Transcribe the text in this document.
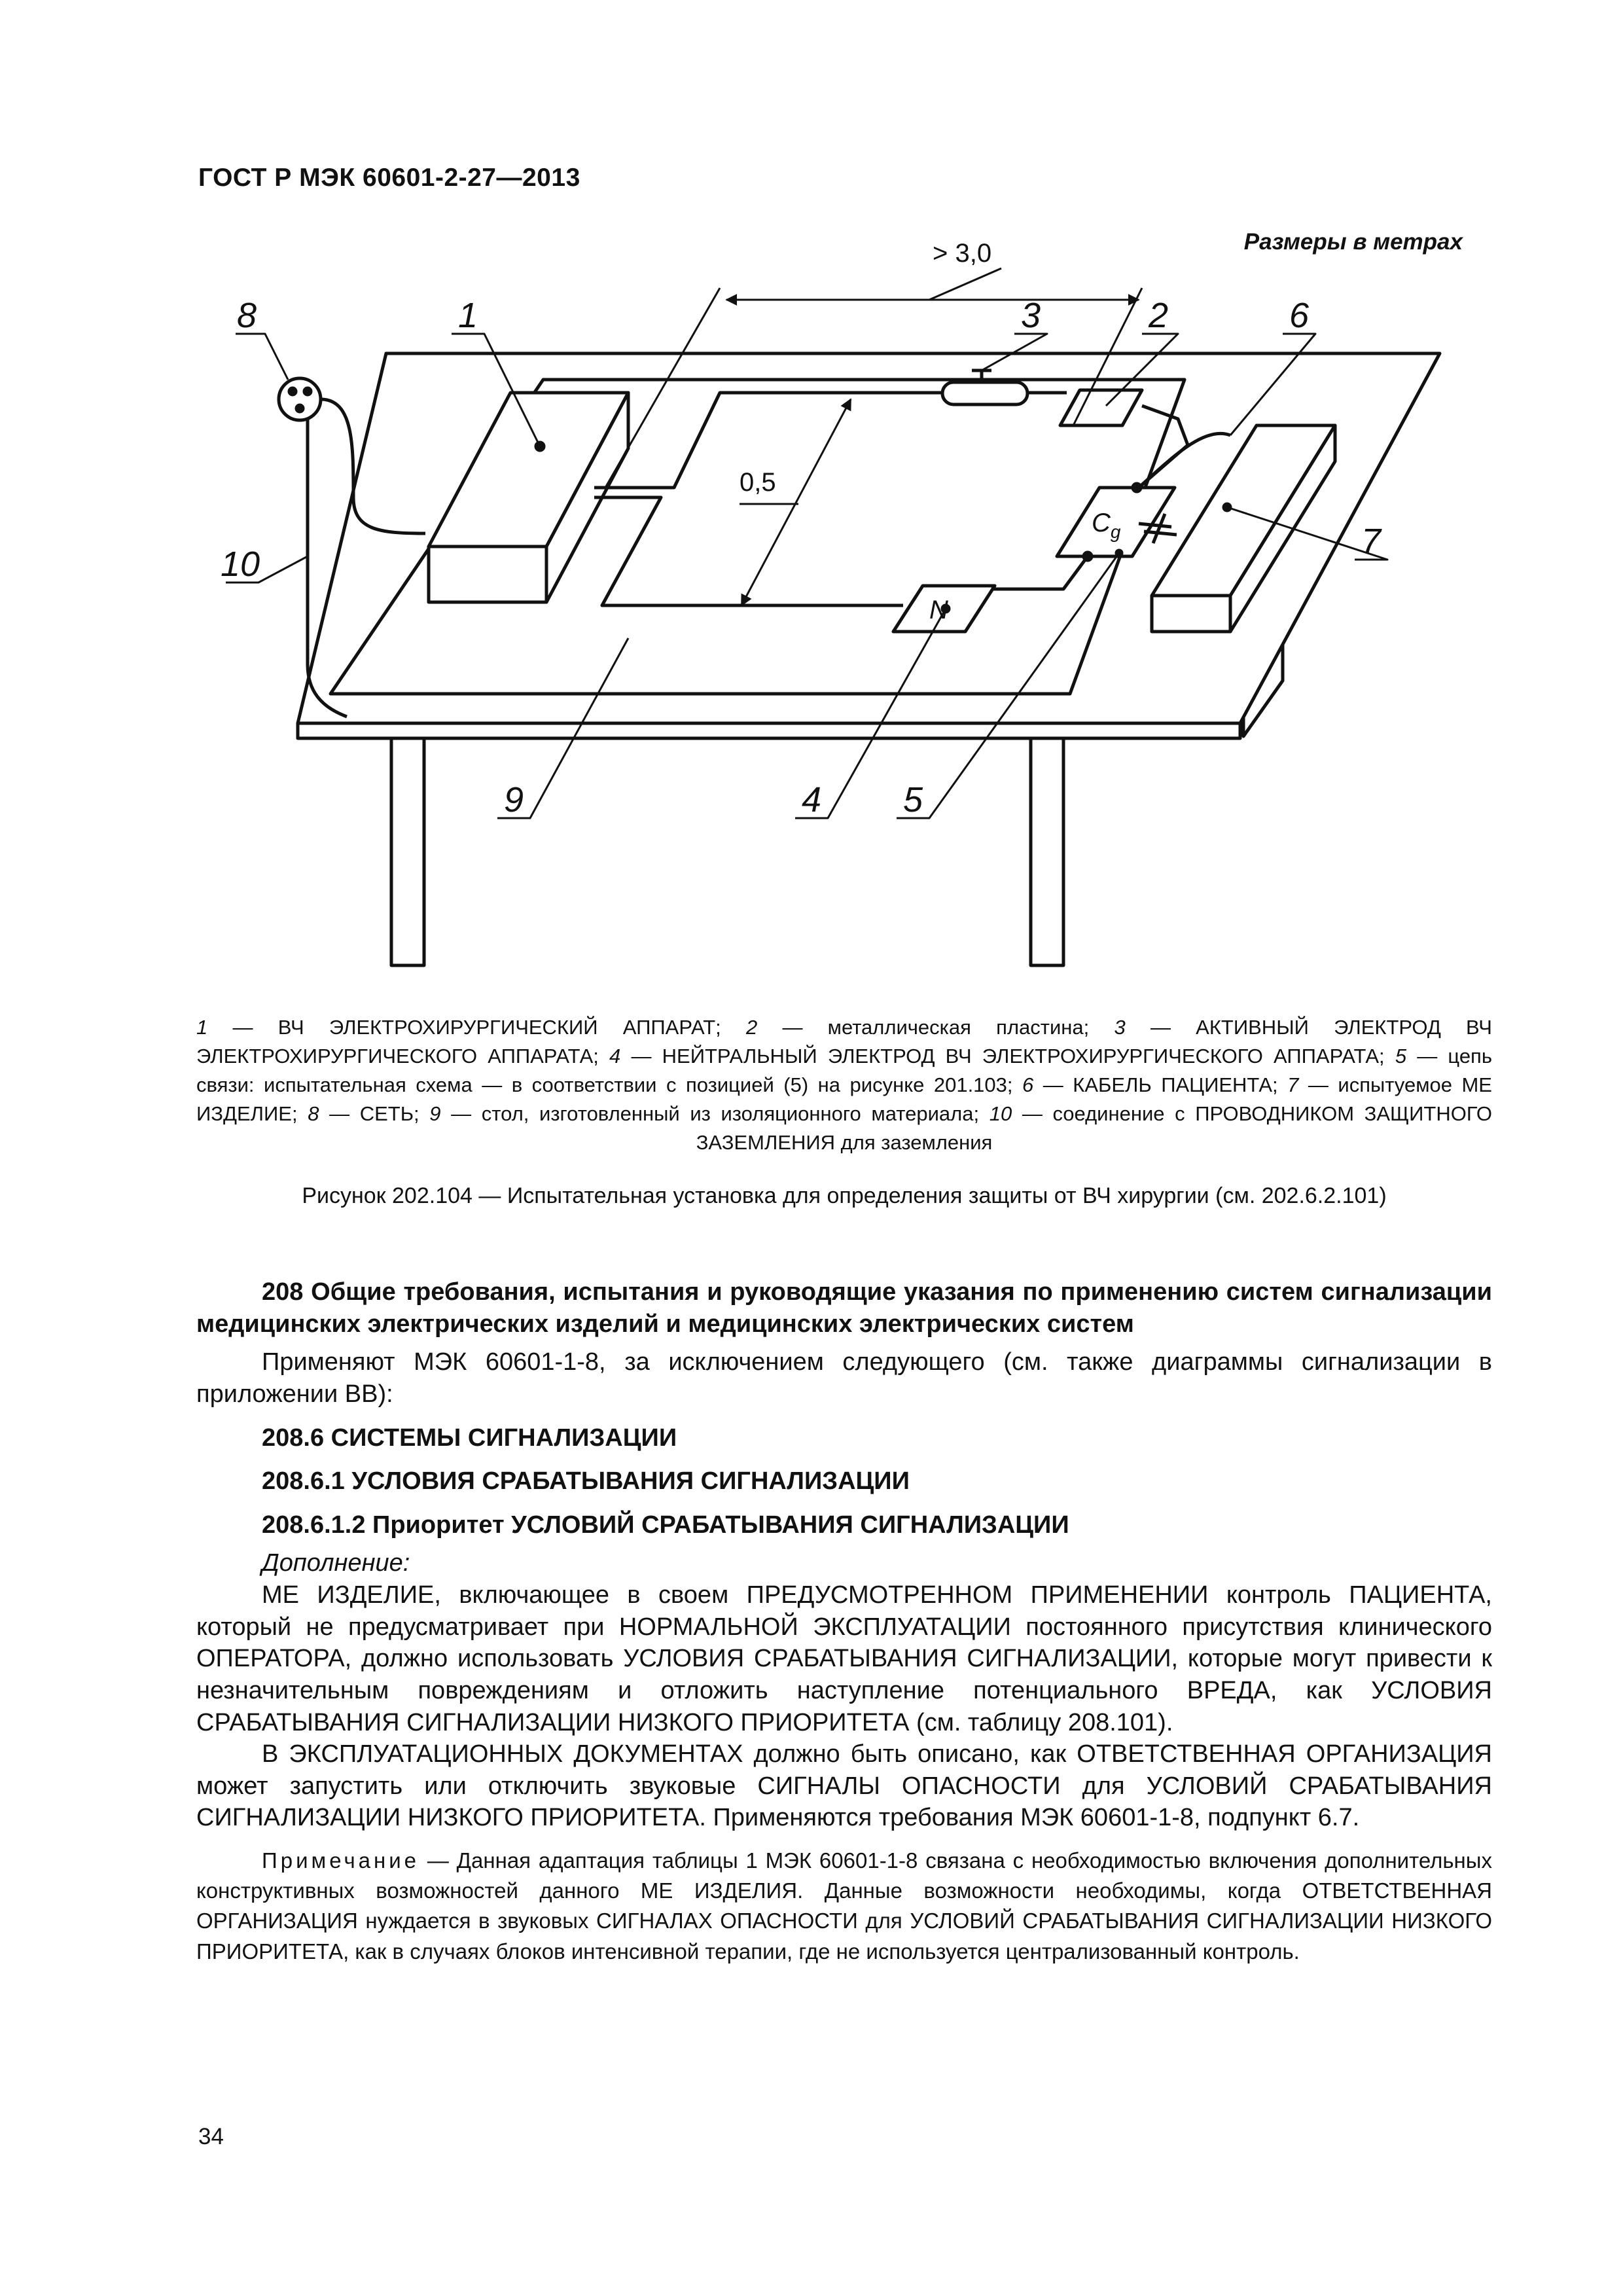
ГОСТ Р МЭК 60601-2-27—2013
Размеры в метрах
> 3,0
0,5
$C_g$
N
8	1	3	2	6
7
10
9	4 5
1 — ВЧ ЭЛЕКТРОХИРУРГИЧЕСКИЙ АППАРАТ; 2 — металлическая пластина; 3 — АКТИВНЫЙ ЭЛЕКТРОД ВЧ ЭЛЕКТРОХИРУРГИЧЕСКОГО АППАРАТА; 4 — НЕЙТРАЛЬНЫЙ ЭЛЕКТРОД ВЧ ЭЛЕКТРОХИРУРГИЧЕСКОГО АППАРАТА; 5 — цепь связи: испытательная схема — в соответствии с позицией (5) на рисунке 201.103; 6 — КАБЕЛЬ ПАЦИЕНТА; 7 — испытуемое МЕ ИЗДЕЛИЕ; 8 — СЕТЬ; 9 — стол, изготовленный из изоляционного материала; 10 — соединение с ПРОВОДНИКОМ ЗАЩИТНОГО ЗАЗЕМЛЕНИЯ для заземления
Рисунок 202.104 — Испытательная установка для определения защиты от ВЧ хирургии (см. 202.6.2.101)

208 Общие требования, испытания и руководящие указания по применению систем сигнализации медицинских электрических изделий и медицинских электрических систем

Применяют МЭК 60601-1-8, за исключением следующего (см. также диаграммы сигнализации в приложении ВВ):

208.6 СИСТЕМЫ СИГНАЛИЗАЦИИ

208.6.1 УСЛОВИЯ СРАБАТЫВАНИЯ СИГНАЛИЗАЦИИ

208.6.1.2 Приоритет УСЛОВИЙ СРАБАТЫВАНИЯ СИГНАЛИЗАЦИИ

Дополнение:

МЕ ИЗДЕЛИЕ, включающее в своем ПРЕДУСМОТРЕННОМ ПРИМЕНЕНИИ контроль ПАЦИЕНТА, который не предусматривает при НОРМАЛЬНОЙ ЭКСПЛУАТАЦИИ постоянного присутствия клинического ОПЕРАТОРА, должно использовать УСЛОВИЯ СРАБАТЫВАНИЯ СИГНАЛИЗАЦИИ, которые могут привести к незначительным повреждениям и отложить наступление потенциального ВРЕДА, как УСЛОВИЯ СРАБАТЫВАНИЯ СИГНАЛИЗАЦИИ НИЗКОГО ПРИОРИТЕТА (см. таблицу 208.101).

В ЭКСПЛУАТАЦИОННЫХ ДОКУМЕНТАХ должно быть описано, как ОТВЕТСТВЕННАЯ ОРГАНИЗАЦИЯ может запустить или отключить звуковые СИГНАЛЫ ОПАСНОСТИ для УСЛОВИЙ СРАБАТЫВАНИЯ СИГНАЛИЗАЦИИ НИЗКОГО ПРИОРИТЕТА. Применяются требования МЭК 60601-1-8, подпункт 6.7.

Примечание — Данная адаптация таблицы 1 МЭК 60601-1-8 связана с необходимостью включения дополнительных конструктивных возможностей данного МЕ ИЗДЕЛИЯ. Данные возможности необходимы, когда ОТВЕТСТВЕННАЯ ОРГАНИЗАЦИЯ нуждается в звуковых СИГНАЛАХ ОПАСНОСТИ для УСЛОВИЙ СРАБАТЫВАНИЯ СИГНАЛИЗАЦИИ НИЗКОГО ПРИОРИТЕТА, как в случаях блоков интенсивной терапии, где не используется централизованный контроль.

34
